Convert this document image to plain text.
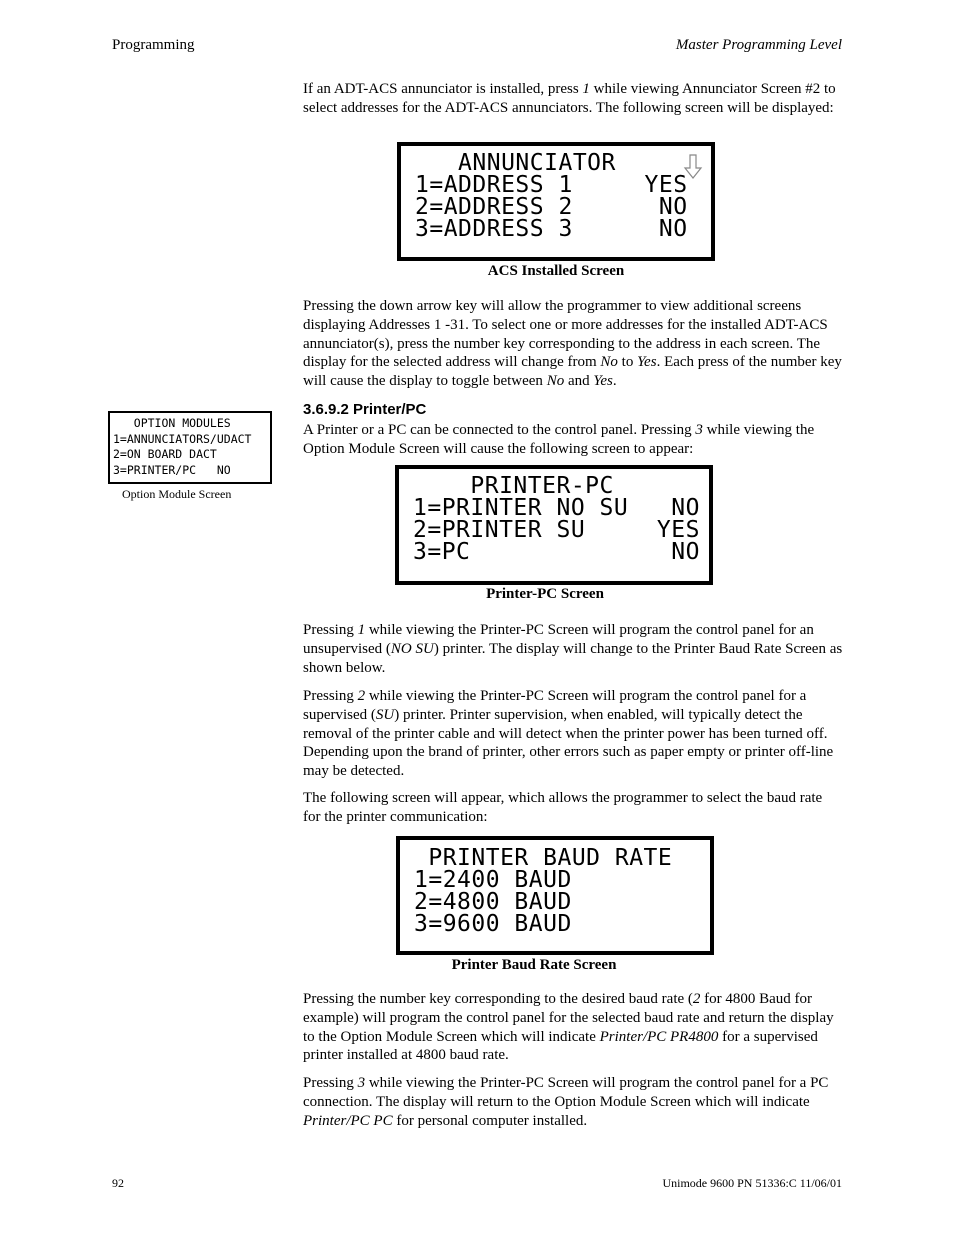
Programming	Master Programming Level
If an ADT-ACS annunciator is installed, press 1 while viewing Annunciator Screen #2 to select addresses for the ADT-ACS annunciators. The following screen will be displayed:
ANNUNCIATOR
1=ADDRESS 1     YES
2=ADDRESS 2      NO
3=ADDRESS 3      NO
ACS Installed Screen
Pressing the down arrow key will allow the programmer to view additional screens displaying Addresses 1 -31. To select one or more addresses for the installed ADT-ACS annunciator(s), press the number key corresponding to the address in each screen. The display for the selected address will change from No to Yes. Each press of the number key will cause the display to toggle between No and Yes.
OPTION MODULES
1=ANNUNCIATORS/UDACT
2=ON BOARD DACT
3=PRINTER/PC   NO
Option Module Screen
3.6.9.2 Printer/PC
A Printer or a PC can be connected to the control panel. Pressing 3 while viewing the Option Module Screen will cause the following screen to appear:
PRINTER-PC
1=PRINTER NO SU   NO
2=PRINTER SU     YES
3=PC              NO
Printer-PC Screen
Pressing 1 while viewing the Printer-PC Screen will program the control panel for an unsupervised (NO SU) printer. The display will change to the Printer Baud Rate Screen as shown below.
Pressing 2 while viewing the Printer-PC Screen will program the control panel for a supervised (SU) printer. Printer supervision, when enabled, will typically detect the removal of the printer cable and will detect when the printer power has been turned off. Depending upon the brand of printer, other errors such as paper empty or printer off-line may be detected.
The following screen will appear, which allows the programmer to select the baud rate for the printer communication:
PRINTER BAUD RATE
1=2400 BAUD
2=4800 BAUD
3=9600 BAUD
Printer Baud Rate Screen
Pressing the number key corresponding to the desired baud rate (2 for 4800 Baud for example) will program the control panel for the selected baud rate and return the display to the Option Module Screen which will indicate Printer/PC PR4800 for a supervised printer installed at 4800 baud rate.
Pressing 3 while viewing the Printer-PC Screen will program the control panel for a PC connection. The display will return to the Option Module Screen which will indicate Printer/PC PC for personal computer installed.
92	Unimode 9600 PN 51336:C 11/06/01
